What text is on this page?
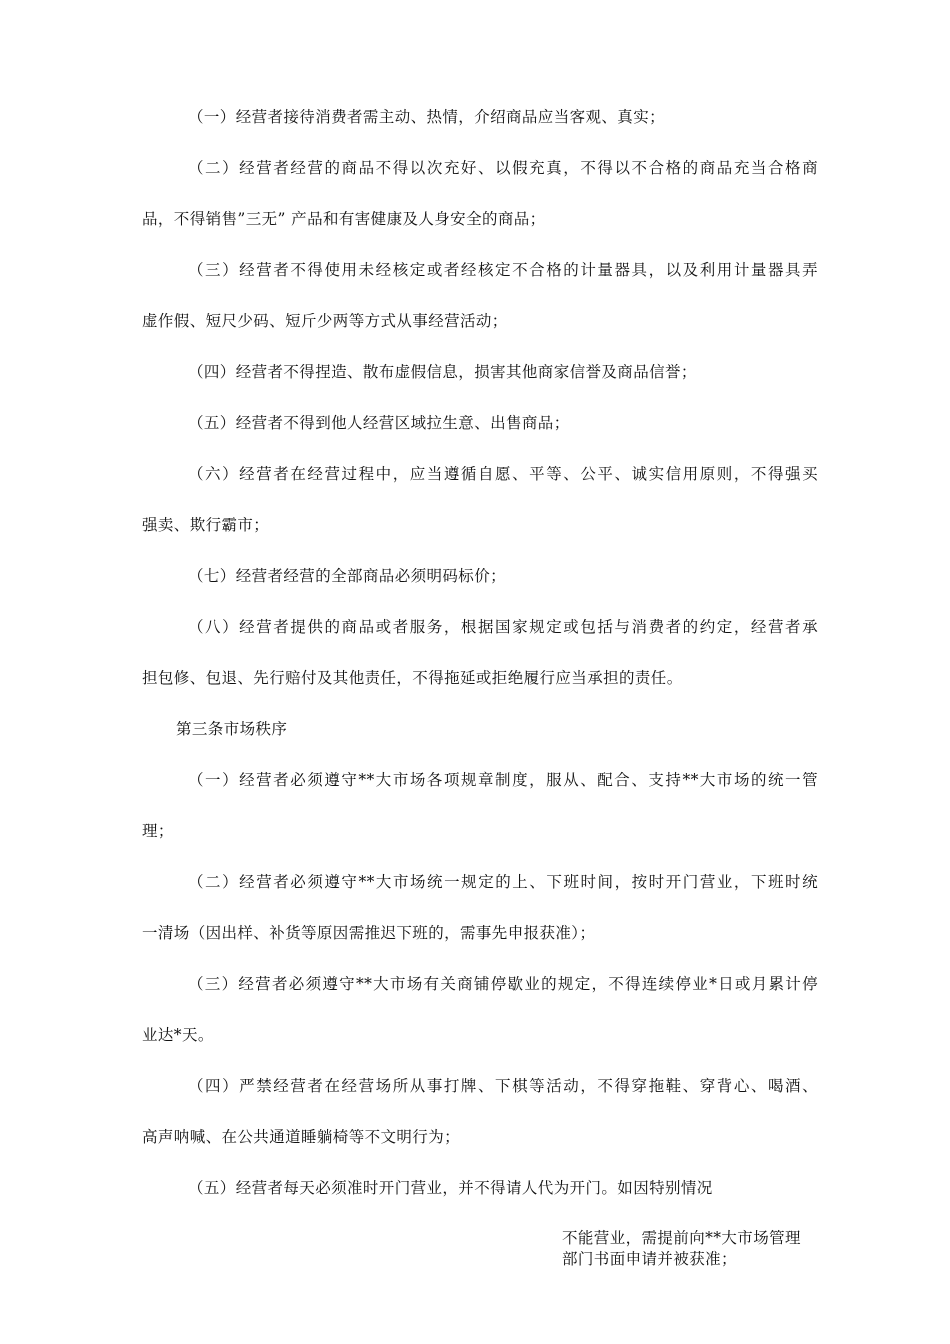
（一）经营者接待消费者需主动、热情，介绍商品应当客观、真实；
（二）经营者经营的商品不得以次充好、以假充真，不得以不合格的商品充当合格商
品，不得销售”三无” 产品和有害健康及人身安全的商品；
（三）经营者不得使用未经核定或者经核定不合格的计量器具，以及利用计量器具弄
虚作假、短尺少码、短斤少两等方式从事经营活动；
（四）经营者不得捏造、散布虚假信息，损害其他商家信誉及商品信誉；
（五）经营者不得到他人经营区域拉生意、出售商品；
（六）经营者在经营过程中，应当遵循自愿、平等、公平、诚实信用原则，不得强买
强卖、欺行霸市；
（七）经营者经营的全部商品必须明码标价；
（八）经营者提供的商品或者服务，根据国家规定或包括与消费者的约定，经营者承
担包修、包退、先行赔付及其他责任，不得拖延或拒绝履行应当承担的责任。
第三条市场秩序
（一）经营者必须遵守**大市场各项规章制度，服从、配合、支持**大市场的统一管
理；
（二）经营者必须遵守**大市场统一规定的上、下班时间，按时开门营业，下班时统
一清场（因出样、补货等原因需推迟下班的，需事先申报获准）；
（三）经营者必须遵守**大市场有关商铺停歇业的规定，不得连续停业*日或月累计停
业达*天。
（四）严禁经营者在经营场所从事打牌、下棋等活动，不得穿拖鞋、穿背心、喝酒、
高声呐喊、在公共通道睡躺椅等不文明行为；
（五）经营者每天必须准时开门营业，并不得请人代为开门。如因特别情况
不能营业，需提前向**大市场管理
部门书面申请并被获准；
